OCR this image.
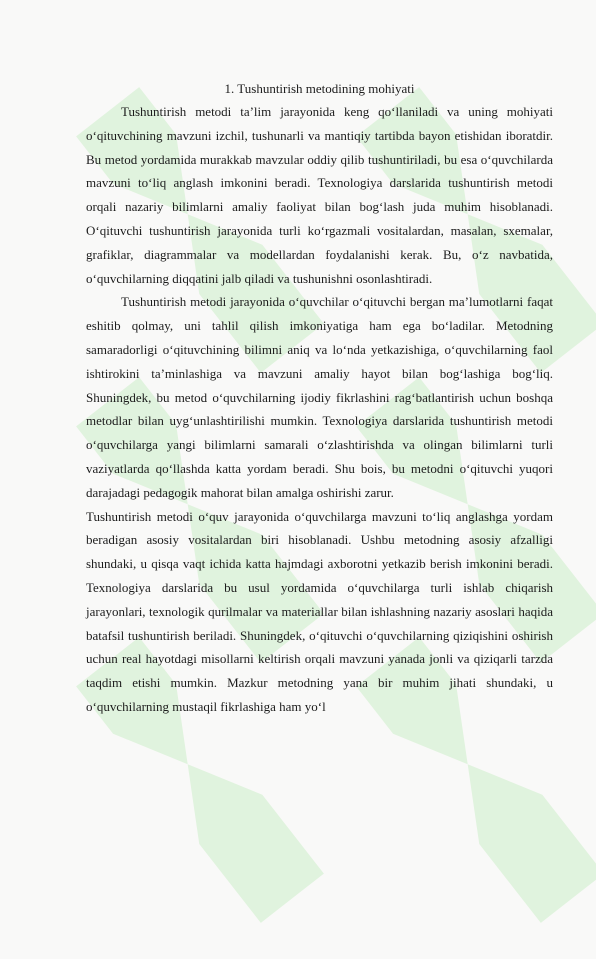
1. Tushuntirish metodining mohiyati

Tushuntirish metodi ta’lim jarayonida keng qo‘llaniladi va uning mohiyati o‘qituvchining mavzuni izchil, tushunarli va mantiqiy tartibda bayon etishidan iboratdir. Bu metod yordamida murakkab mavzular oddiy qilib tushuntiriladi, bu esa o‘quvchilarda mavzuni to‘liq anglash imkonini beradi. Texnologiya darslarida tushuntirish metodi orqali nazariy bilimlarni amaliy faoliyat bilan bog‘lash juda muhim hisoblanadi. O‘qituvchi tushuntirish jarayonida turli ko‘rgazmali vositalardan, masalan, sxemalar, grafiklar, diagrammalar va modellardan foydalanishi kerak. Bu, o‘z navbatida, o‘quvchilarning diqqatini jalb qiladi va tushunishni osonlashtiradi.

Tushuntirish metodi jarayonida o‘quvchilar o‘qituvchi bergan ma’lumotlarni faqat eshitib qolmay, uni tahlil qilish imkoniyatiga ham ega bo‘ladilar. Metodning samaradorligi o‘qituvchining bilimni aniq va lo‘nda yetkazishiga, o‘quvchilarning faol ishtirokini ta’minlashiga va mavzuni amaliy hayot bilan bog‘lashiga bog‘liq. Shuningdek, bu metod o‘quvchilarning ijodiy fikrlashini rag‘batlantirish uchun boshqa metodlar bilan uyg‘unlashtirilishi mumkin. Texnologiya darslarida tushuntirish metodi o‘quvchilarga yangi bilimlarni samarali o‘zlashtirishda va olingan bilimlarni turli vaziyatlarda qo‘llashda katta yordam beradi. Shu bois, bu metodni o‘qituvchi yuqori darajadagi pedagogik mahorat bilan amalga oshirishi zarur.

Tushuntirish metodi o‘quv jarayonida o‘quvchilarga mavzuni to‘liq anglashga yordam beradigan asosiy vositalardan biri hisoblanadi. Ushbu metodning asosiy afzalligi shundaki, u qisqa vaqt ichida katta hajmdagi axborotni yetkazib berish imkonini beradi. Texnologiya darslarida bu usul yordamida o‘quvchilarga turli ishlab chiqarish jarayonlari, texnologik qurilmalar va materiallar bilan ishlashning nazariy asoslari haqida batafsil tushuntirish beriladi. Shuningdek, o‘qituvchi o‘quvchilarning qiziqishini oshirish uchun real hayotdagi misollarni keltirish orqali mavzuni yanada jonli va qiziqarli tarzda taqdim etishi mumkin. Mazkur metodning yana bir muhim jihati shundaki, u o‘quvchilarning mustaqil fikrlashiga ham yo‘l
